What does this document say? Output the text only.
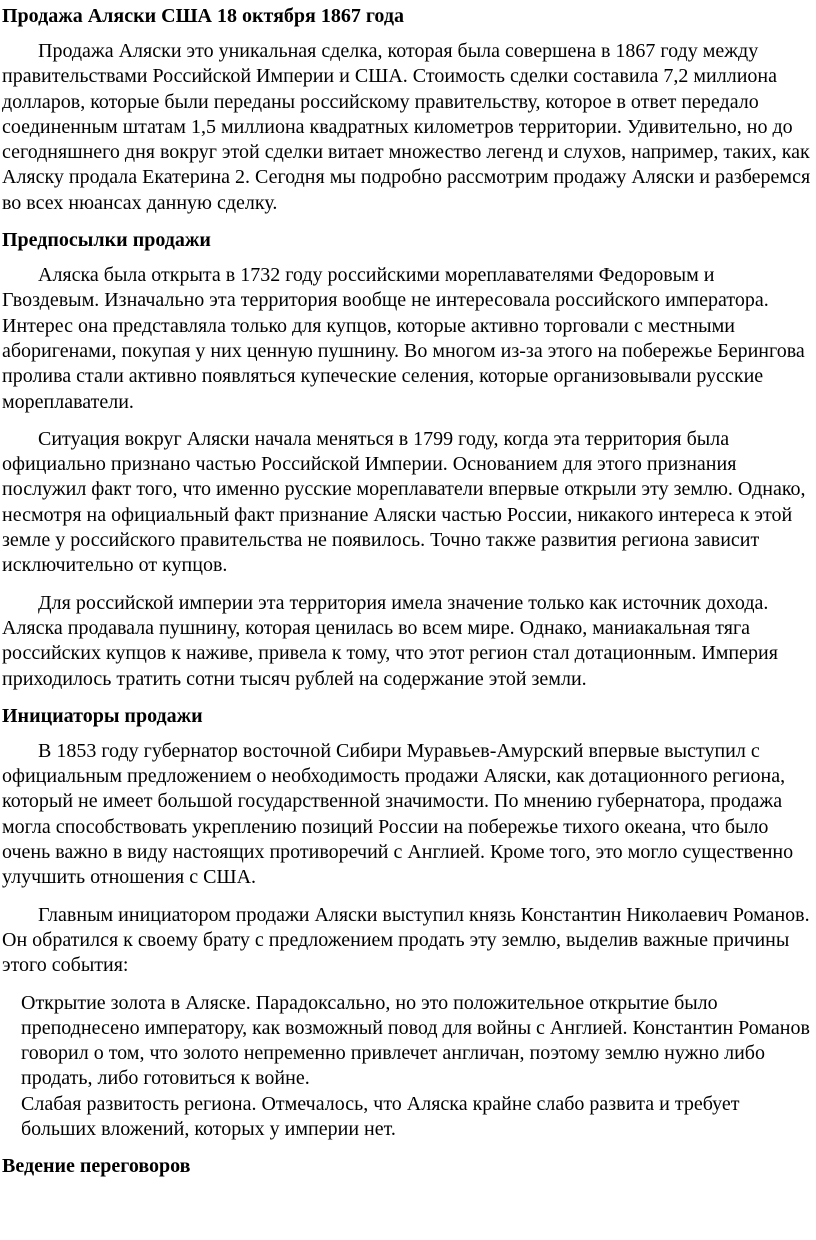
Продажа Аляски США 18 октября 1867 года

Продажа Аляски это уникальная сделка, которая была совершена в 1867 году между правительствами Российской Империи и США. Стоимость сделки составила 7,2 миллиона долларов, которые были переданы российскому правительству, которое в ответ передало соединенным штатам 1,5 миллиона квадратных километров территории. Удивительно, но до сегодняшнего дня вокруг этой сделки витает множество легенд и слухов, например, таких, как Аляску продала Екатерина 2. Сегодня мы подробно рассмотрим продажу Аляски и разберемся во всех нюансах данную сделку.

Предпосылки продажи

Аляска была открыта в 1732 году российскими мореплавателями Федоровым и Гвоздевым. Изначально эта территория вообще не интересовала российского императора. Интерес она представляла только для купцов, которые активно торговали с местными аборигенами, покупая у них ценную пушнину. Во многом из-за этого на побережье Берингова пролива стали активно появляться купеческие селения, которые организовывали русские мореплаватели.

Ситуация вокруг Аляски начала меняться в 1799 году, когда эта территория была официально признано частью Российской Империи. Основанием для этого признания послужил факт того, что именно русские мореплаватели впервые открыли эту землю. Однако, несмотря на официальный факт признание Аляски частью России, никакого интереса к этой земле у российского правительства не появилось. Точно также развития региона зависит исключительно от купцов.

Для российской империи эта территория имела значение только как источник дохода. Аляска продавала пушнину, которая ценилась во всем мире. Однако, маниакальная тяга российских купцов к наживе, привела к тому, что этот регион стал дотационным. Империя приходилось тратить сотни тысяч рублей на содержание этой земли.

Инициаторы продажи

В 1853 году губернатор восточной Сибири Муравьев-Амурский впервые выступил с официальным предложением о необходимость продажи Аляски, как дотационного региона, который не имеет большой государственной значимости. По мнению губернатора, продажа могла способствовать укреплению позиций России на побережье тихого океана, что было очень важно в виду настоящих противоречий с Англией. Кроме того, это могло существенно улучшить отношения с США.

Главным инициатором продажи Аляски выступил князь Константин Николаевич Романов. Он обратился к своему брату с предложением продать эту землю, выделив важные причины этого события:

Открытие золота в Аляске. Парадоксально, но это положительное открытие было преподнесено императору, как возможный повод для войны с Англией. Константин Романов говорил о том, что золото непременно привлечет англичан, поэтому землю нужно либо продать, либо готовиться к войне.

Слабая развитость региона. Отмечалось, что Аляска крайне слабо развита и требует больших вложений, которых у империи нет.

Ведение переговоров
